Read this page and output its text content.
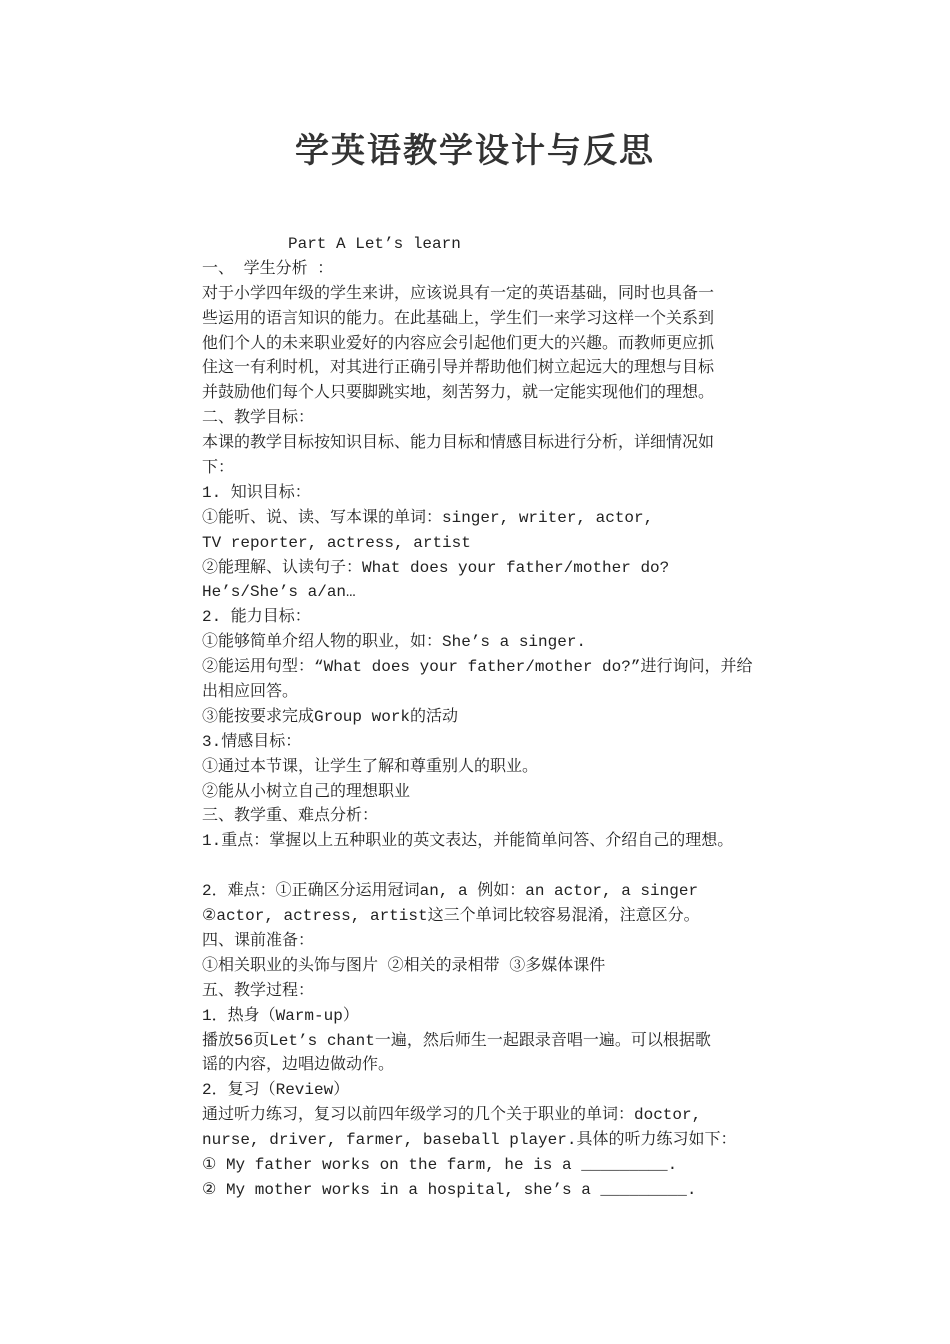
学英语教学设计与反思
Part A Let’s learn
一、 学生分析 ：
对于小学四年级的学生来讲，应该说具有一定的英语基础，同时也具备一
些运用的语言知识的能力。在此基础上，学生们一来学习这样一个关系到
他们个人的未来职业爱好的内容应会引起他们更大的兴趣。而教师更应抓
住这一有利时机，对其进行正确引导并帮助他们树立起远大的理想与目标
并鼓励他们每个人只要脚跳实地，刻苦努力，就一定能实现他们的理想。
二、教学目标：
本课的教学目标按知识目标、能力目标和情感目标进行分析，详细情况如
下：
1. 知识目标：
①能听、说、读、写本课的单词：singer, writer, actor,
TV reporter, actress, artist
②能理解、认读句子：What does your father/mother do?
He’s/She’s a/an…
2. 能力目标：
①能够简单介绍人物的职业，如：She’s a singer.
②能运用句型：“What does your father/mother do?”进行询问，并给
出相应回答。
③能按要求完成Group work的活动
3.情感目标：
①通过本节课，让学生了解和尊重别人的职业。
②能从小树立自己的理想职业
三、教学重、难点分析：
1.重点：掌握以上五种职业的英文表达，并能简单问答、介绍自己的理想。
2．难点：①正确区分运用冠词an, a 例如：an actor, a singer
②actor, actress, artist这三个单词比较容易混淆，注意区分。
四、课前准备：
①相关职业的头饰与图片 ②相关的录相带 ③多媒体课件
五、教学过程：
1．热身（Warm-up）
播放56页Let’s chant一遍，然后师生一起跟录音唱一遍。可以根据歌
谣的内容，边唱边做动作。
2．复习（Review）
通过听力练习，复习以前四年级学习的几个关于职业的单词：doctor,
nurse, driver, farmer, baseball player.具体的听力练习如下：
① My father works on the farm, he is a _________.
② My mother works in a hospital, she’s a _________.
